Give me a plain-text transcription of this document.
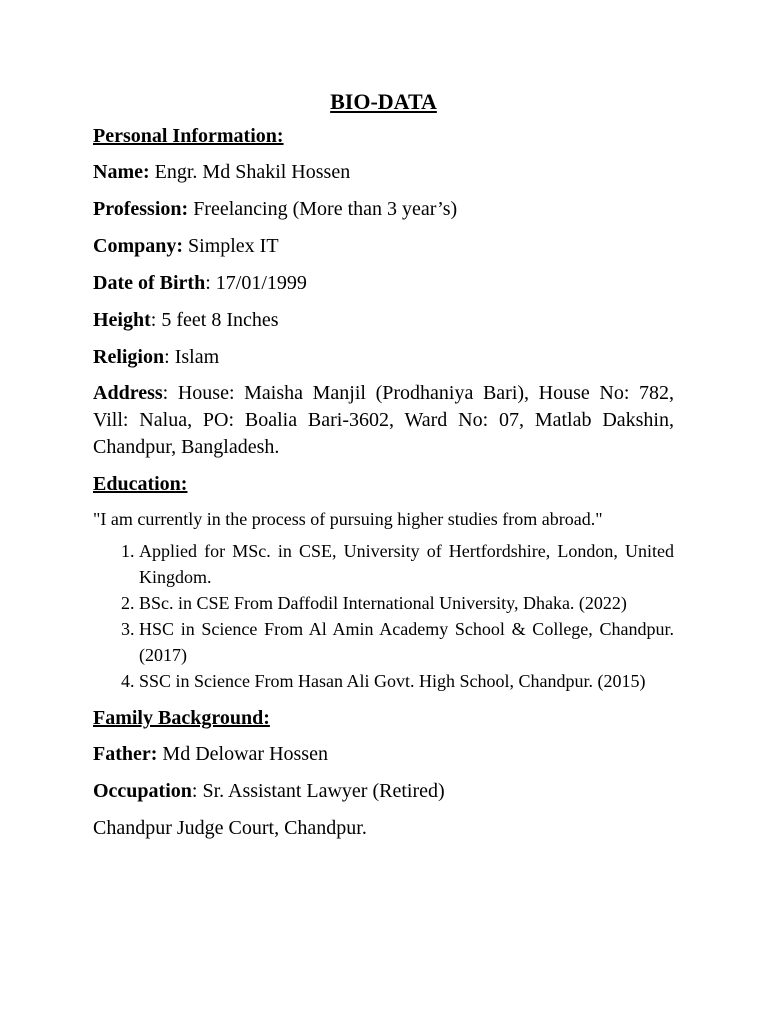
BIO-DATA
Personal Information:
Name: Engr. Md Shakil Hossen
Profession: Freelancing (More than 3 year’s)
Company: Simplex IT
Date of Birth: 17/01/1999
Height: 5 feet 8 Inches
Religion: Islam
Address: House: Maisha Manjil (Prodhaniya Bari), House No: 782, Vill: Nalua, PO: Boalia Bari-3602, Ward No: 07, Matlab Dakshin, Chandpur, Bangladesh.
Education:
"I am currently in the process of pursuing higher studies from abroad."
1. Applied for MSc. in CSE, University of Hertfordshire, London, United Kingdom.
2. BSc. in CSE From Daffodil International University, Dhaka. (2022)
3. HSC in Science From Al Amin Academy School & College, Chandpur. (2017)
4. SSC in Science From Hasan Ali Govt. High School, Chandpur. (2015)
Family Background:
Father: Md Delowar Hossen
Occupation: Sr. Assistant Lawyer (Retired)
Chandpur Judge Court, Chandpur.
